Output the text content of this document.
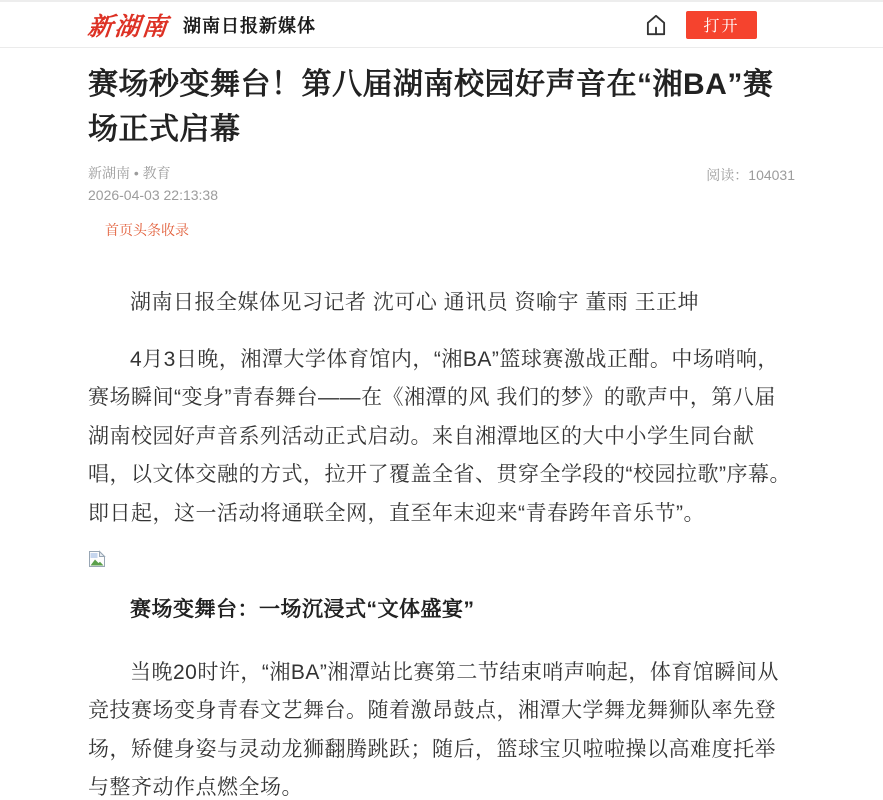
新湖南 湖南日报新媒体	打开
赛场秒变舞台！第八届湖南校园好声音在“湘BA”赛场正式启幕
新湖南 • 教育
2026-04-03 22:13:38
阅读：104031
首页头条收录

湖南日报全媒体见习记者 沈可心 通讯员 资喻宇 董雨 王正坤

4月3日晚，湘潭大学体育馆内，“湘BA”篮球赛激战正酣。中场哨响，赛场瞬间“变身”青春舞台——在《湘潭的风 我们的梦》的歌声中，第八届湖南校园好声音系列活动正式启动。来自湘潭地区的大中小学生同台献唱，以文体交融的方式，拉开了覆盖全省、贯穿全学段的“校园拉歌”序幕。即日起，这一活动将通联全网，直至年末迎来“青春跨年音乐节”。

赛场变舞台：一场沉浸式“文体盛宴”

当晚20时许，“湘BA”湘潭站比赛第二节结束哨声响起，体育馆瞬间从竞技赛场变身青春文艺舞台。随着激昂鼓点，湘潭大学舞龙舞狮队率先登场，矫健身姿与灵动龙狮翻腾跳跃；随后，篮球宝贝啦啦操以高难度托举与整齐动作点燃全场。
